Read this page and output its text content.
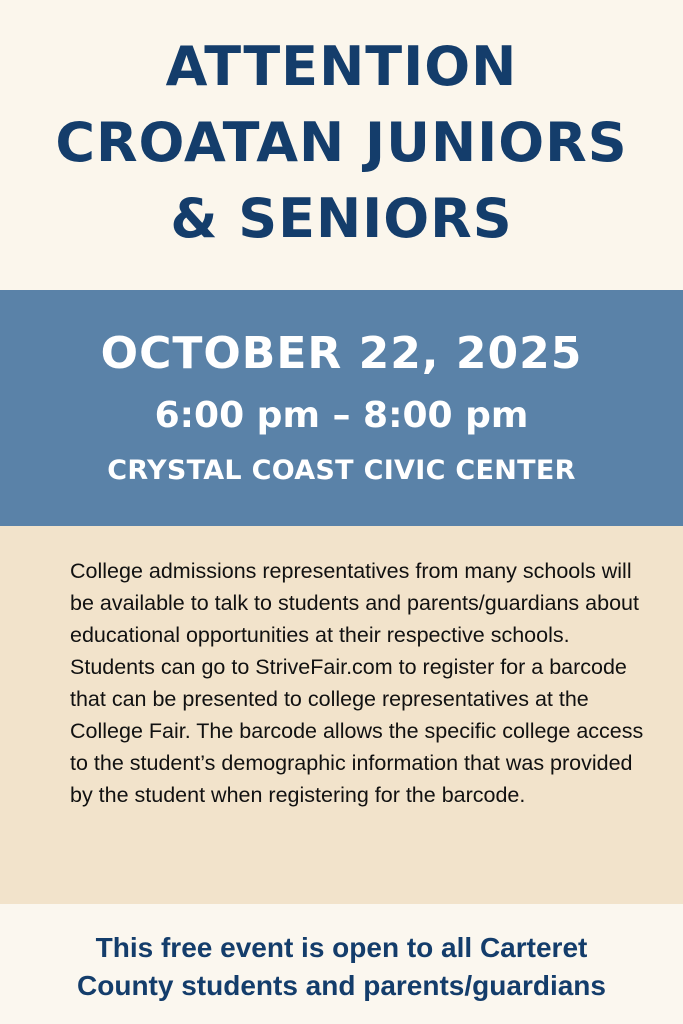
ATTENTION
CROATAN JUNIORS
& SENIORS
OCTOBER 22, 2025
6:00 pm – 8:00 pm
CRYSTAL COAST CIVIC CENTER

College admissions representatives from many schools will be available to talk to students and parents/guardians about educational opportunities at their respective schools. Students can go to StriveFair.com to register for a barcode that can be presented to college representatives at the College Fair. The barcode allows the specific college access to the student’s demographic information that was provided by the student when registering for the barcode.

This free event is open to all Carteret
County students and parents/guardians
